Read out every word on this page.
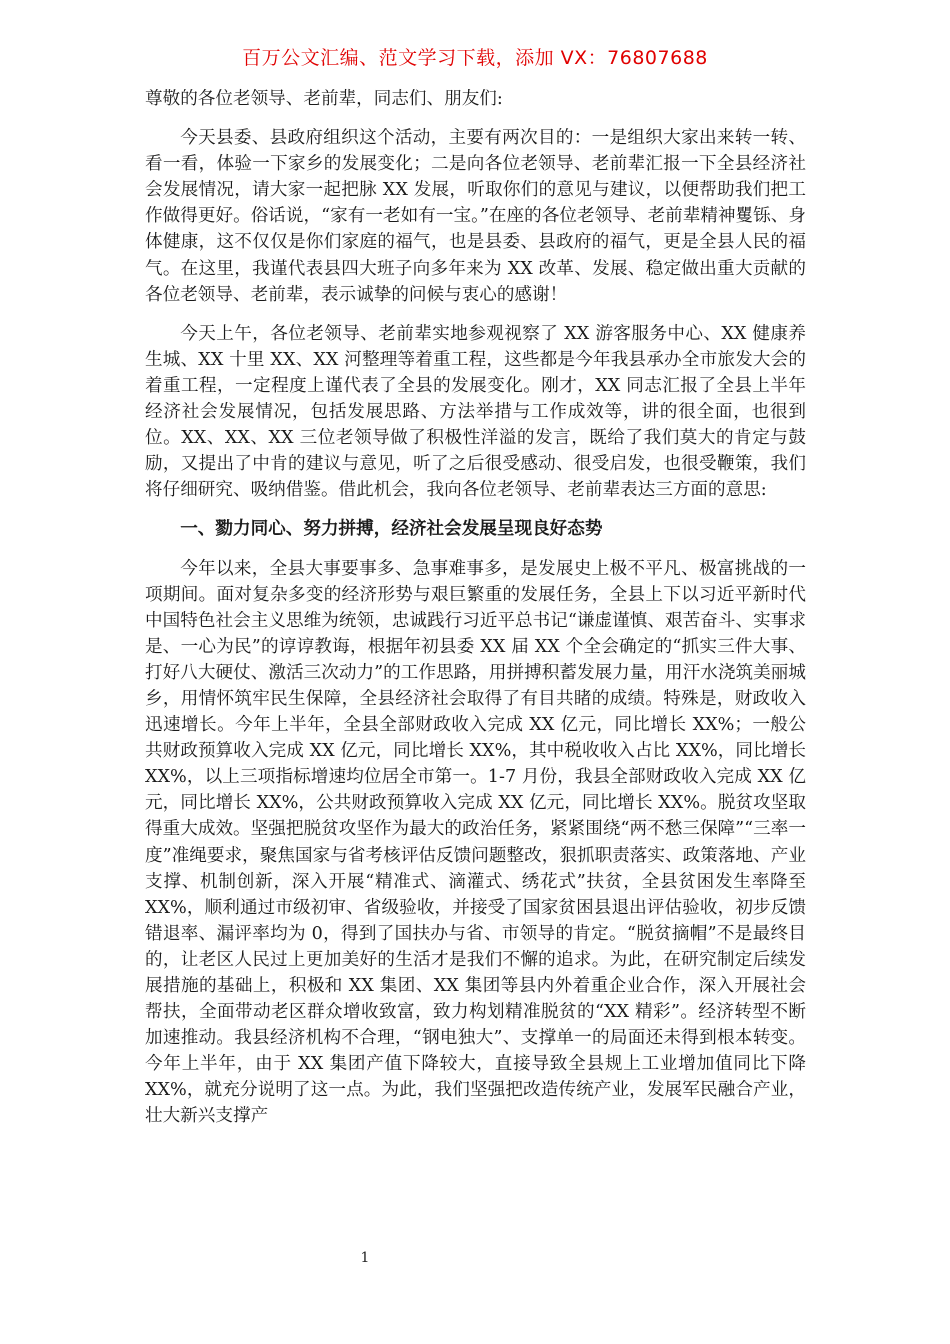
百万公文汇编、范文学习下载，添加 VX：76807688

尊敬的各位老领导、老前辈，同志们、朋友们:

今天县委、县政府组织这个活动，主要有两次目的：一是组织大家出来转一转、看一看，体验一下家乡的发展变化；二是向各位老领导、老前辈汇报一下全县经济社会发展情况，请大家一起把脉 XX 发展，听取你们的意见与建议，以便帮助我们把工作做得更好。俗话说，“家有一老如有一宝。”在座的各位老领导、老前辈精神矍铄、身体健康，这不仅仅是你们家庭的福气，也是县委、县政府的福气，更是全县人民的福气。在这里，我谨代表县四大班子向多年来为 XX 改革、发展、稳定做出重大贡献的各位老领导、老前辈，表示诚挚的问候与衷心的感谢！

今天上午，各位老领导、老前辈实地参观视察了 XX 游客服务中心、XX 健康养生城、XX 十里 XX、XX 河整理等着重工程，这些都是今年我县承办全市旅发大会的着重工程，一定程度上谨代表了全县的发展变化。刚才，XX 同志汇报了全县上半年经济社会发展情况，包括发展思路、方法举措与工作成效等，讲的很全面，也很到位。XX、XX、XX 三位老领导做了积极性洋溢的发言，既给了我们莫大的肯定与鼓励，又提出了中肯的建议与意见，听了之后很受感动、很受启发，也很受鞭策，我们将仔细研究、吸纳借鉴。借此机会，我向各位老领导、老前辈表达三方面的意思:

一、勠力同心、努力拼搏，经济社会发展呈现良好态势

今年以来，全县大事要事多、急事难事多，是发展史上极不平凡、极富挑战的一项期间。面对复杂多变的经济形势与艰巨繁重的发展任务，全县上下以习近平新时代中国特色社会主义思维为统领，忠诚践行习近平总书记“谦虚谨慎、艰苦奋斗、实事求是、一心为民”的谆谆教诲，根据年初县委 XX 届 XX 个全会确定的“抓实三件大事、打好八大硬仗、激活三次动力”的工作思路，用拼搏积蓄发展力量，用汗水浇筑美丽城乡，用情怀筑牢民生保障，全县经济社会取得了有目共睹的成绩。特殊是，财政收入迅速增长。今年上半年，全县全部财政收入完成 XX 亿元，同比增长 XX%；一般公共财政预算收入完成 XX 亿元，同比增长 XX%，其中税收收入占比 XX%，同比增长 XX%，以上三项指标增速均位居全市第一。1-7 月份，我县全部财政收入完成 XX 亿元，同比增长 XX%，公共财政预算收入完成 XX 亿元，同比增长 XX%。脱贫攻坚取得重大成效。坚强把脱贫攻坚作为最大的政治任务，紧紧围绕“两不愁三保障”“三率一度”准绳要求，聚焦国家与省考核评估反馈问题整改，狠抓职责落实、政策落地、产业支撑、机制创新，深入开展“精准式、滴灌式、绣花式”扶贫，全县贫困发生率降至 XX%，顺利通过市级初审、省级验收，并接受了国家贫困县退出评估验收，初步反馈错退率、漏评率均为 0，得到了国扶办与省、市领导的肯定。“脱贫摘帽”不是最终目的，让老区人民过上更加美好的生活才是我们不懈的追求。为此，在研究制定后续发展措施的基础上，积极和 XX 集团、XX 集团等县内外着重企业合作，深入开展社会帮扶，全面带动老区群众增收致富，致力构划精准脱贫的“XX 精彩”。经济转型不断加速推动。我县经济机构不合理，“钢电独大”、支撑单一的局面还未得到根本转变。今年上半年，由于 XX 集团产值下降较大，直接导致全县规上工业增加值同比下降 XX%，就充分说明了这一点。为此，我们坚强把改造传统产业，发展军民融合产业，壮大新兴支撑产

1
